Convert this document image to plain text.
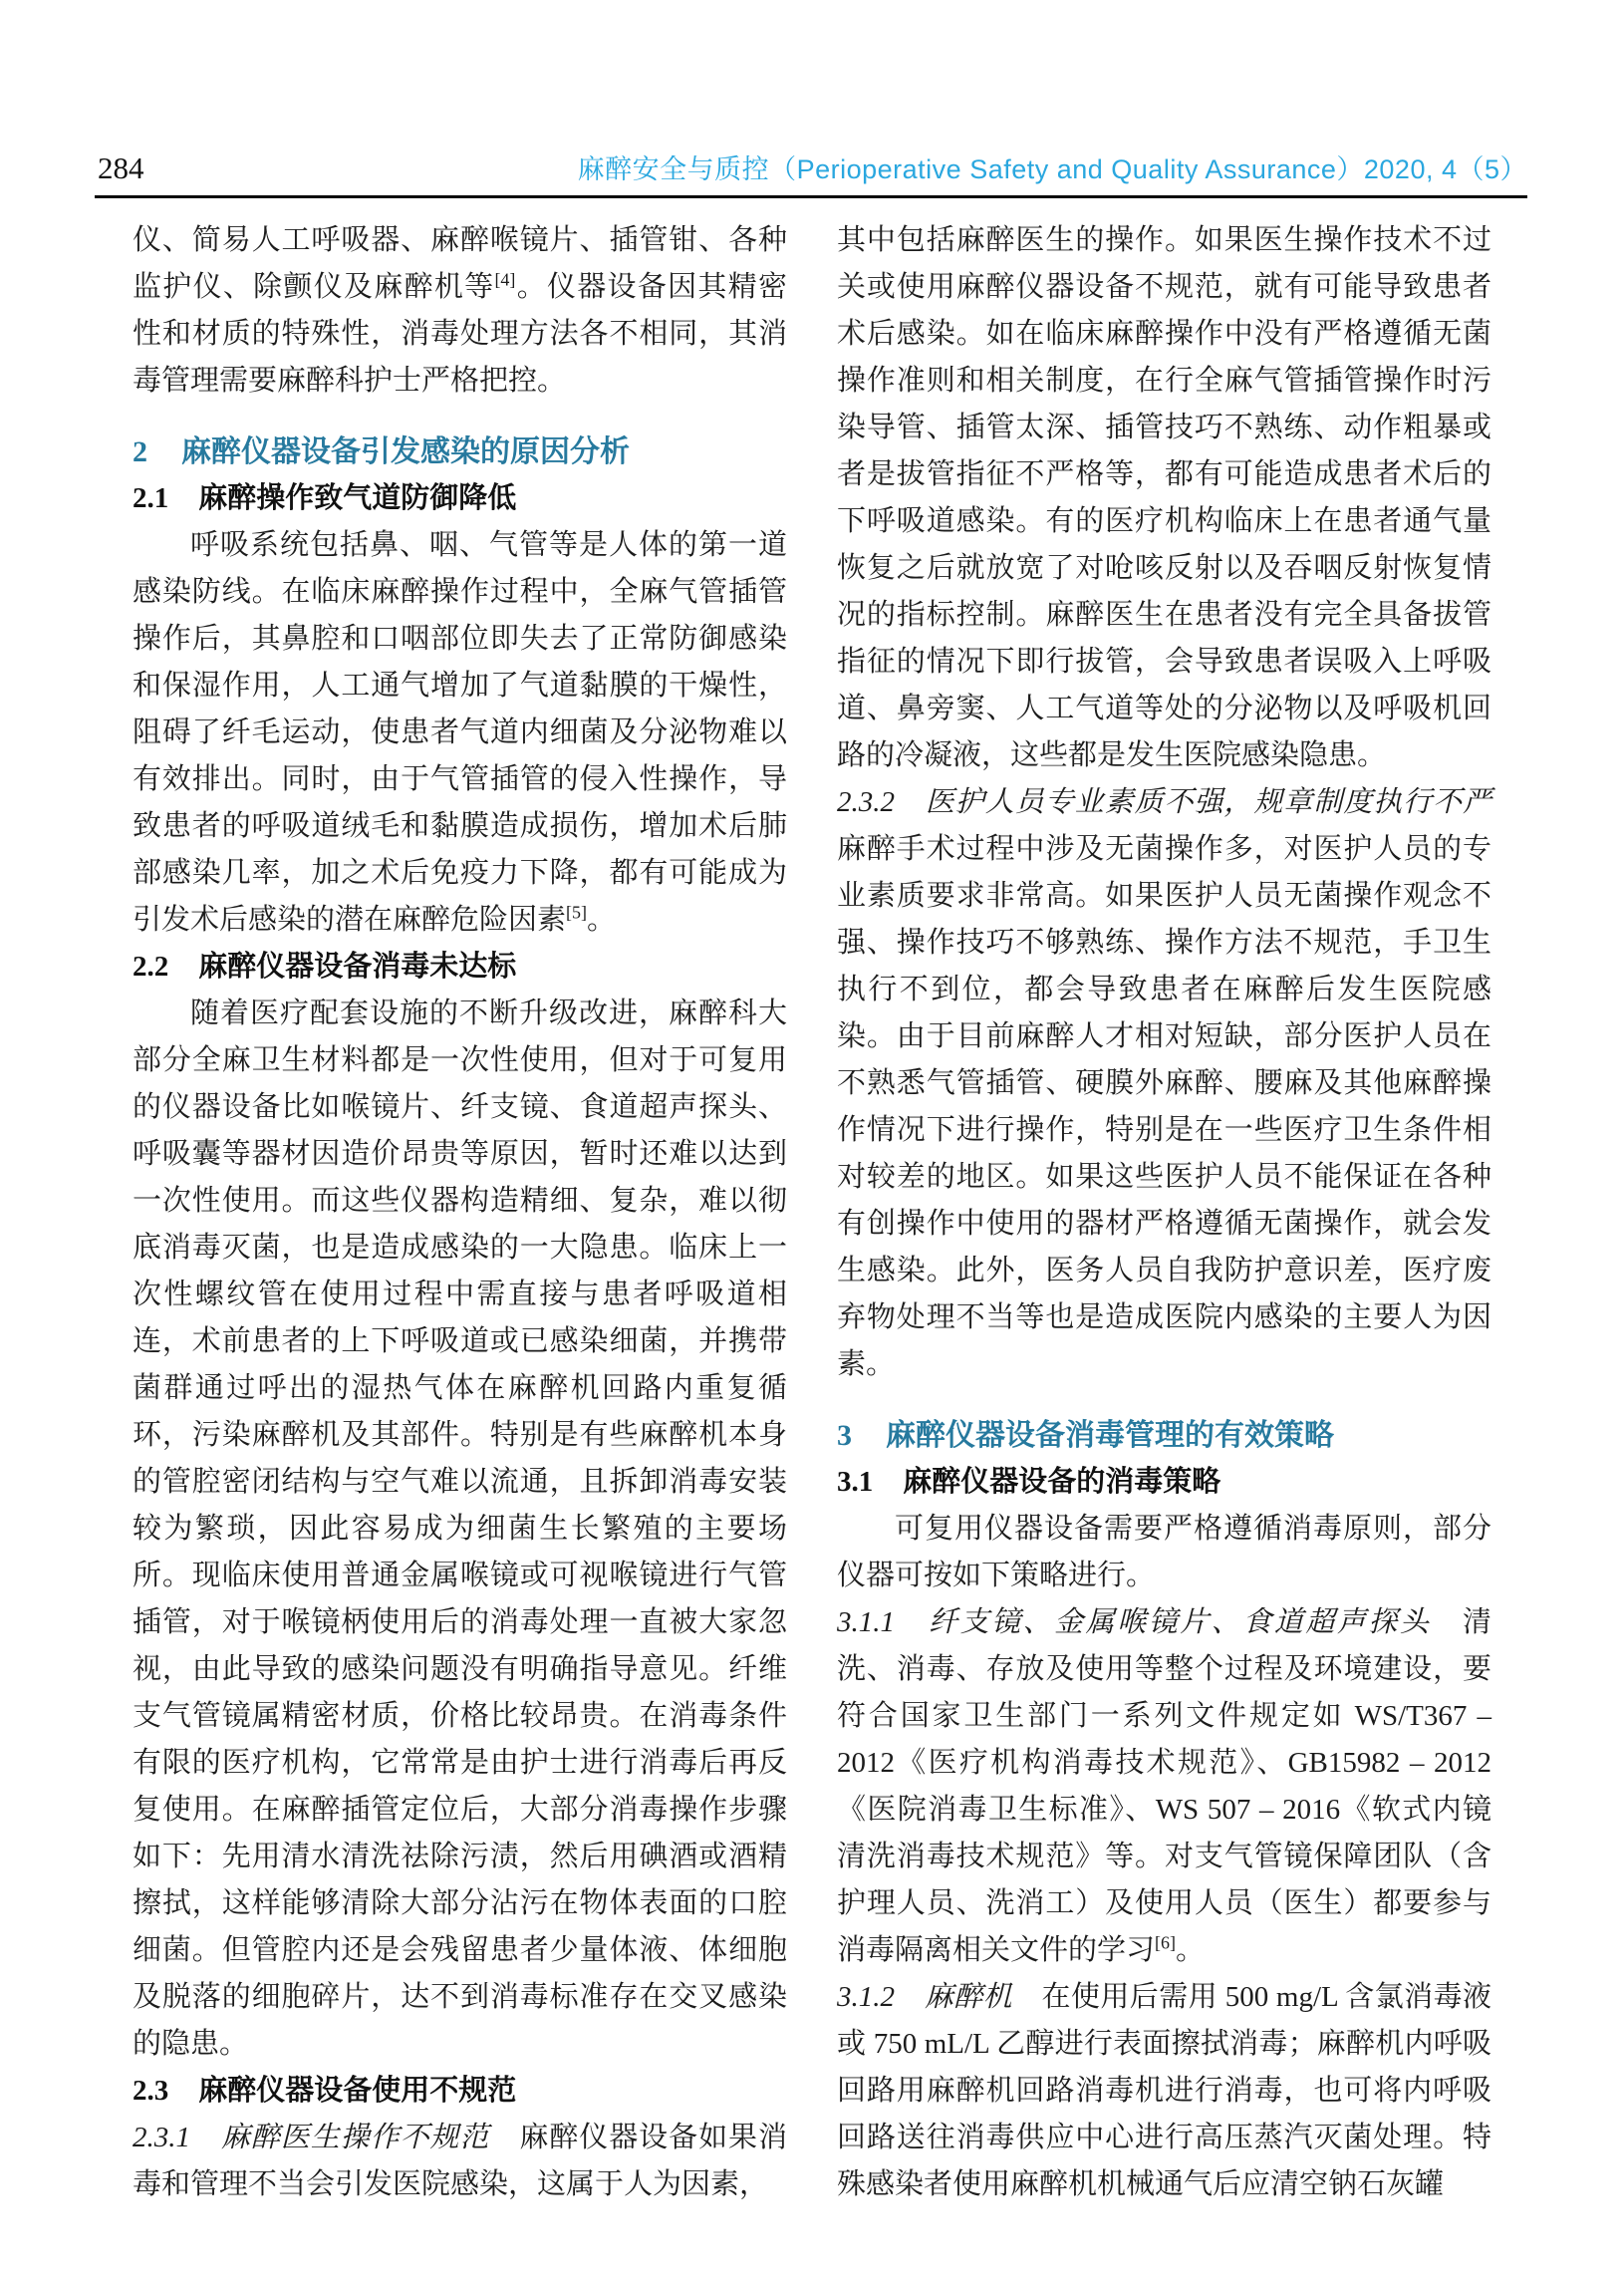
284	麻醉安全与质控（Perioperative Safety and Quality Assurance）2020, 4（5）

仪、简易人工呼吸器、麻醉喉镜片、插管钳、各种监护仪、除颤仪及麻醉机等[4]。仪器设备因其精密性和材质的特殊性，消毒处理方法各不相同，其消毒管理需要麻醉科护士严格把控。

2 麻醉仪器设备引发感染的原因分析
2.1 麻醉操作致气道防御降低

呼吸系统包括鼻、咽、气管等是人体的第一道感染防线。在临床麻醉操作过程中，全麻气管插管操作后，其鼻腔和口咽部位即失去了正常防御感染和保湿作用，人工通气增加了气道黏膜的干燥性，阻碍了纤毛运动，使患者气道内细菌及分泌物难以有效排出。同时，由于气管插管的侵入性操作，导致患者的呼吸道绒毛和黏膜造成损伤，增加术后肺部感染几率，加之术后免疫力下降，都有可能成为引发术后感染的潜在麻醉危险因素[5]。

2.2 麻醉仪器设备消毒未达标

随着医疗配套设施的不断升级改进，麻醉科大部分全麻卫生材料都是一次性使用，但对于可复用的仪器设备比如喉镜片、纤支镜、食道超声探头、呼吸囊等器材因造价昂贵等原因，暂时还难以达到一次性使用。而这些仪器构造精细、复杂，难以彻底消毒灭菌，也是造成感染的一大隐患。临床上一次性螺纹管在使用过程中需直接与患者呼吸道相连，术前患者的上下呼吸道或已感染细菌，并携带菌群通过呼出的湿热气体在麻醉机回路内重复循环，污染麻醉机及其部件。特别是有些麻醉机本身的管腔密闭结构与空气难以流通，且拆卸消毒安装较为繁琐，因此容易成为细菌生长繁殖的主要场所。现临床使用普通金属喉镜或可视喉镜进行气管插管，对于喉镜柄使用后的消毒处理一直被大家忽视，由此导致的感染问题没有明确指导意见。纤维支气管镜属精密材质，价格比较昂贵。在消毒条件有限的医疗机构，它常常是由护士进行消毒后再反复使用。在麻醉插管定位后，大部分消毒操作步骤如下：先用清水清洗祛除污渍，然后用碘酒或酒精擦拭，这样能够清除大部分沾污在物体表面的口腔细菌。但管腔内还是会残留患者少量体液、体细胞及脱落的细胞碎片，达不到消毒标准存在交叉感染的隐患。

2.3 麻醉仪器设备使用不规范

2.3.1　麻醉医生操作不规范　麻醉仪器设备如果消毒和管理不当会引发医院感染，这属于人为因素，

其中包括麻醉医生的操作。如果医生操作技术不过关或使用麻醉仪器设备不规范，就有可能导致患者术后感染。如在临床麻醉操作中没有严格遵循无菌操作准则和相关制度，在行全麻气管插管操作时污染导管、插管太深、插管技巧不熟练、动作粗暴或者是拔管指征不严格等，都有可能造成患者术后的下呼吸道感染。有的医疗机构临床上在患者通气量恢复之后就放宽了对呛咳反射以及吞咽反射恢复情况的指标控制。麻醉医生在患者没有完全具备拔管指征的情况下即行拔管，会导致患者误吸入上呼吸道、鼻旁窦、人工气道等处的分泌物以及呼吸机回路的冷凝液，这些都是发生医院感染隐患。

2.3.2　医护人员专业素质不强，规章制度执行不严麻醉手术过程中涉及无菌操作多，对医护人员的专业素质要求非常高。如果医护人员无菌操作观念不强、操作技巧不够熟练、操作方法不规范，手卫生执行不到位，都会导致患者在麻醉后发生医院感染。由于目前麻醉人才相对短缺，部分医护人员在不熟悉气管插管、硬膜外麻醉、腰麻及其他麻醉操作情况下进行操作，特别是在一些医疗卫生条件相对较差的地区。如果这些医护人员不能保证在各种有创操作中使用的器材严格遵循无菌操作，就会发生感染。此外，医务人员自我防护意识差，医疗废弃物处理不当等也是造成医院内感染的主要人为因素。

3 麻醉仪器设备消毒管理的有效策略
3.1 麻醉仪器设备的消毒策略

可复用仪器设备需要严格遵循消毒原则，部分仪器可按如下策略进行。

3.1.1　纤支镜、金属喉镜片、食道超声探头　清洗、消毒、存放及使用等整个过程及环境建设，要符合国家卫生部门一系列文件规定如 WS/T367 – 2012《医疗机构消毒技术规范》、GB15982 – 2012《医院消毒卫生标准》、WS 507 – 2016《软式内镜清洗消毒技术规范》等。对支气管镜保障团队（含护理人员、洗消工）及使用人员（医生）都要参与消毒隔离相关文件的学习[6]。

3.1.2　麻醉机　在使用后需用 500 mg/L 含氯消毒液或 750 mL/L 乙醇进行表面擦拭消毒；麻醉机内呼吸回路用麻醉机回路消毒机进行消毒，也可将内呼吸回路送往消毒供应中心进行高压蒸汽灭菌处理。特殊感染者使用麻醉机机械通气后应清空钠石灰罐
